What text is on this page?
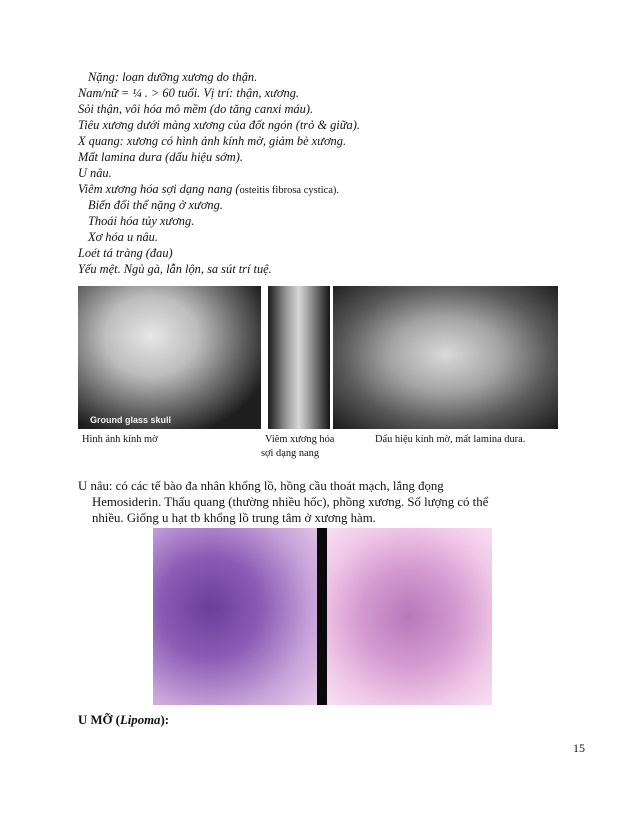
Nặng: loạn dưỡng xương do thận.
Nam/nữ = ¼ . > 60 tuổi. Vị trí: thận, xương.
Sỏi thận, vôi hóa mô mềm (do tăng canxi máu).
Tiêu xương dưới màng xương của đốt ngón (trỏ & giữa).
X quang: xương có hình ảnh kính mờ, giảm bè xương.
Mất lamina dura (dấu hiệu sớm).
U nâu.
Viêm xương hóa sợi dạng nang (osteitis fibrosa cystica).
Biến đổi thể nặng ở xương.
Thoái hóa tủy xương.
Xơ hóa u nâu.
Loét tá tràng (đau)
Yếu mệt. Ngủ gà, lẫn lộn, sa sút trí tuệ.
Ground glass skull
Hình ảnh kính mờ	Viêm xương hóa
sợi dạng nang
Dấu hiệu kính mờ, mất lamina dura.
U nâu: có các tế bào đa nhân khổng lồ, hồng cầu thoát mạch, lắng đọng
Hemosiderin. Thấu quang (thường nhiều hốc), phồng xương. Số lượng có thể
nhiều. Giống u hạt tb khổng lồ trung tâm ở xương hàm.
U MỠ (Lipoma):
15
